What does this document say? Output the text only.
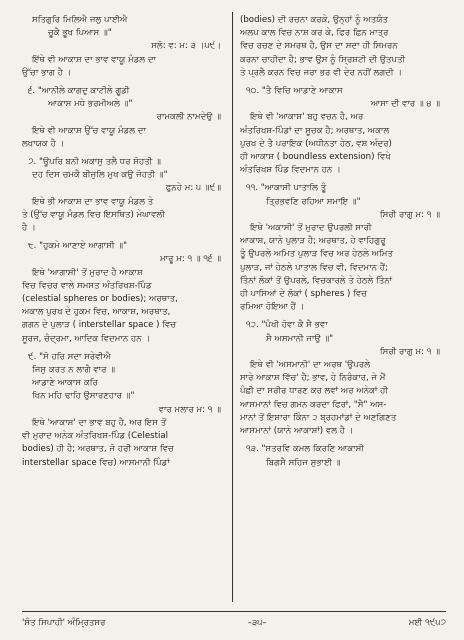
ਸਤਿਗੁਰਿ ਮਿਲਿਐ ਜਲੁ ਪਾਈਐ
ਚੂਕੈ ਭੂਖ ਪਿਆਸ ॥"
ਸਲੋ: ਵ: ਮ: ੩ ।੫੯।
ਇੱਥੇ ਵੀ ਆਕਾਸ਼ ਦਾ ਭਾਵ ਵਾਯੂ ਮੰਡਲ ਦਾ
ਉੱਚਾ ਭਾਗ ਹੈ ।
੬. "ਆਨੀਲੇ ਕਾਗਦੁ ਕਾਟੀਲੇ ਗੂਡੀ
ਆਕਾਸ ਮਧੇ ਭਰਮੀਅਲੇ ॥"
ਰਾਮਕਲੀ ਨਾਮਦੇਉ ॥
ਇਥੇ ਵੀ ਆਕਾਸ਼ ਉੱਚ ਵਾਯੂ ਮੰਡਲ ਦਾ
ਲਖਾਯਕ ਹੈ ।
੭. "ਊਪਰਿ ਬਨੀ ਅਕਾਸੁ ਤਲੈ ਧਰ ਸੋਹਤੀ ॥
ਦਹ ਦਿਸ ਚਮਕੈ ਬੀਜੁਲਿ ਮੁਖ ਕਉ ਜੋਹਤੀ ॥"
ਫੁਨਹੇ ਮ: ੫ ॥੯॥
ਇਥੇ ਭੀ ਆਕਾਸ਼ ਦਾ ਭਾਵ ਵਾਯੂ ਮੰਡਲ ਤੇ
ਤੇ (ਉੱਚ ਵਾਯੂ ਮੰਡਲ ਵਿਚ ਇਸਥਿਤ) ਮੇਘਾਵਲੀ
ਹੈ ।
੮. "ਹੁਕਮੇ ਆਣਾਏ ਆਗਾਸੀ ॥"
ਮਾਰੂ ਮ: ੧ ॥ ੧੬ ॥
ਇਥੇ 'ਆਗਾਸੀ' ਤੋਂ ਮੁਰਾਦ ਹੈ ਆਕਾਸ਼
ਵਿਚ ਵਿਚਰ ਵਾਲੇ ਸਮਸਤ ਅੰਤਰਿਖਸ਼-ਪਿੰਡ
(celestial spheres or bodies); ਅਰਥਾਤ,
ਅਕਾਲ ਪੁਰਖ ਦੇ ਹੁਕਮ ਵਿਚ, ਆਕਾਸ਼, ਅਰਥਾਤ,
ਗਗਨ ਦੇ ਪੁਲਾੜ ( interstellar space ) ਵਿਚ
ਸੂਰਜ, ਚੰਦ੍ਰਮਾ, ਆਦਿਕ ਵਿਦਮਾਨ ਹਨ ।
੯. "ਸੋ ਹਰਿ ਸਦਾ ਸਰੇਵੀਐ
ਜਿਸੁ ਕਰਤ ਨ ਲਾਗੈ ਵਾਰ ॥
ਆਡਾਣੇ ਆਕਾਸ ਕਰਿ
ਖਿਨ ਮਹਿ ਢਾਹਿ ਉਸਾਰਣਹਾਰ ॥"
ਵਾਰ ਮਲਾਰ ਮ: ੧ ॥
ਇਥੇ 'ਆਕਾਸ਼' ਦਾ ਭਾਵ ਬਹੁ ਹੈ, ਅਰ ਇਸ ਤੋਂ
ਵੀ ਮੁਰਾਦ ਅਨੇਕ ਅੰਤਰਿਖਸ਼-ਪਿੰਡ (Celestial
bodies) ਹੀ ਹੈ; ਅਰਥਾਤ, ਜੋ ਹਰੀ ਆਕਾਸ਼ ਵਿਚ
interstellar space ਵਿਚ) ਆਸਮਾਨੀ ਪਿੰਡਾਂ
(bodies) ਦੀ ਰਚਨਾ ਕਰਕੇ, ਉਨ੍ਹਾਂ ਨੂੰ ਅਤਯੰਤ
ਅਲਪ ਕਾਲ ਵਿਚ ਨਾਸ਼ ਕਰ ਕੇ, ਫਿਰ ਛਿਨ ਮਾਤ੍ਰ
ਵਿਚ ਰਚਣ ਦੇ ਸਮਰਥ ਹੈ, ਉਸ ਦਾ ਸਦਾ ਹੀ ਸਿਮਰਨ
ਕਰਨਾ ਚਾਹੀਦਾ ਹੈ; ਭਾਵ ਉਸ ਨੂੰ ਸ੍ਰਿਸ਼ਟੀ ਦੀ ਉਤਪਤੀ
ਤੇ ਪ੍ਰਲੈ ਕਰਨ ਵਿਚ ਜਰਾ ਭਰ ਵੀ ਦੇਰ ਨਹੀਂ ਲਗਦੀ ।
੧੦. "ਤੈ ਵਿਚਿ ਆਡਾਣੇ ਆਕਾਸ
ਆਸਾ ਦੀ ਵਾਰ ॥ ੪ ॥
ਇਥੇ ਵੀ 'ਆਕਾਸ਼' ਬਹੁ ਵਚਨ ਹੈ, ਅਰ
ਅੰਤਰਿਖਸ਼-ਪਿੰਡਾਂ ਦਾ ਸੂਚਕ ਹੈ; ਅਰਥਾਤ, ਅਕਾਲ
ਪੁਰਖ ਦੇ ਤੈ ਪਰਾਇਕ (ਅਧੀਨਤਾ ਹੇਠ, ਵਸ਼ ਅੰਦਰ)
ਹੀ ਆਕਾਸ਼ ( boundless extension) ਵਿਖੇ
ਅੰਤਰਿਖਸ਼ ਪਿੰਡ ਵਿਦਮਾਨ ਹਨ ।
੧੧. "ਆਕਾਸੀ ਪਾਤਾਲਿ ਤੂੰ
ਤ੍ਰਿਭਵਣਿ ਰਹਿਆ ਸਮਾਇ ॥"
ਸਿਰੀ ਰਾਗੁ ਮ: ੧ ॥
ਇਥੇ 'ਅਕਾਸੀ' ਤੋਂ ਮੁਰਾਦ ਉਪਰਲੀ ਸਾਰੀ
ਆਕਾਸ਼, ਯਾਨੇ ਪੁਲਾੜ ਹੈ; ਅਰਥਾਤ, ਹੇ ਵਾਹਿਗੁਰੂ
ਤੂੰ ਉਪਰਲੇ ਅਮਿਤ ਪੁਲਾੜ ਵਿਚ ਅਰ ਹੇਠਲੇ ਅਮਿਤ
ਪੁਲਾੜ, ਜਾਂ ਹੇਠਲੇ ਪਾਤਾਲ ਵਿਚ ਵੀ, ਵਿਦਮਾਨ ਹੈਂ;
ਤਿੰਨਾਂ ਲੋਕਾਂ ਤੋਂ ਉਪਰਲੇ, ਵਿਚਕਾਰਲੇ ਤੇ ਹੇਠਲੇ ਤਿੰਨਾਂ
ਹੀ ਪਾਸਿਆਂ ਦੇ ਲੋਕਾਂ ( spheres ) ਵਿਚ
ਰਮਿਆ ਹੋਇਆ ਹੈਂ ।
੧੨. "ਪੰਖੀ ਹੋਵਾ ਕੈ ਸੈ ਭਵਾ
ਸੈ ਅਸਮਾਨੀ ਜਾਉ ॥"
ਸਿਰੀ ਰਾਗੁ ਮ: ੧ ॥
ਇਥੇ ਵੀ 'ਅਸਮਾਨੀ' ਦਾ ਅਰਥ 'ਉਪਰਲੇ
ਸਾਰੇ ਆਕਾਸ਼ ਵਿੱਚ' ਹੈ; ਭਾਵ, ਹੇ ਨਿਰੰਕਾਰ, ਜੇ ਮੈਂ
ਪੰਛੀ ਦਾ ਸਰੀਰ ਧਾਰਣ ਕਰ ਲਵਾਂ ਅਰ ਅਨੇਕਾਂ ਹੀ
ਆਸਮਾਨਾਂ ਵਿਚ ਗਮਨ ਕਰਦਾ ਫਿਰਾਂ, "ਸੈ" ਅਸ-
ਮਾਨਾਂ ਤੋਂ ਇਸ਼ਾਰਾ ਕਿੰਨਾ ੨ ਬ੍ਰਹਮਾਂਡਾਂ ਦੇ ਅਣਗਿਣਤ
ਆਸਮਾਨਾਂ (ਯਾਨੇ ਆਕਾਸ਼ਾਂ) ਵਲ ਹੈ ।
੧੩. "ਸਤਰਵਿ ਕਮਲ ਕਿਰਣਿ ਆਕਾਸੀ
ਬਿਗਸੈ ਸਹਿਜ ਸੁਭਾਈ ॥
'ਸੰਤ ਸਿਪਾਹੀ' ਅੰਮ੍ਰਿਤਸਰ	–੩੫–	ਮਈ ੧੯੫੭
